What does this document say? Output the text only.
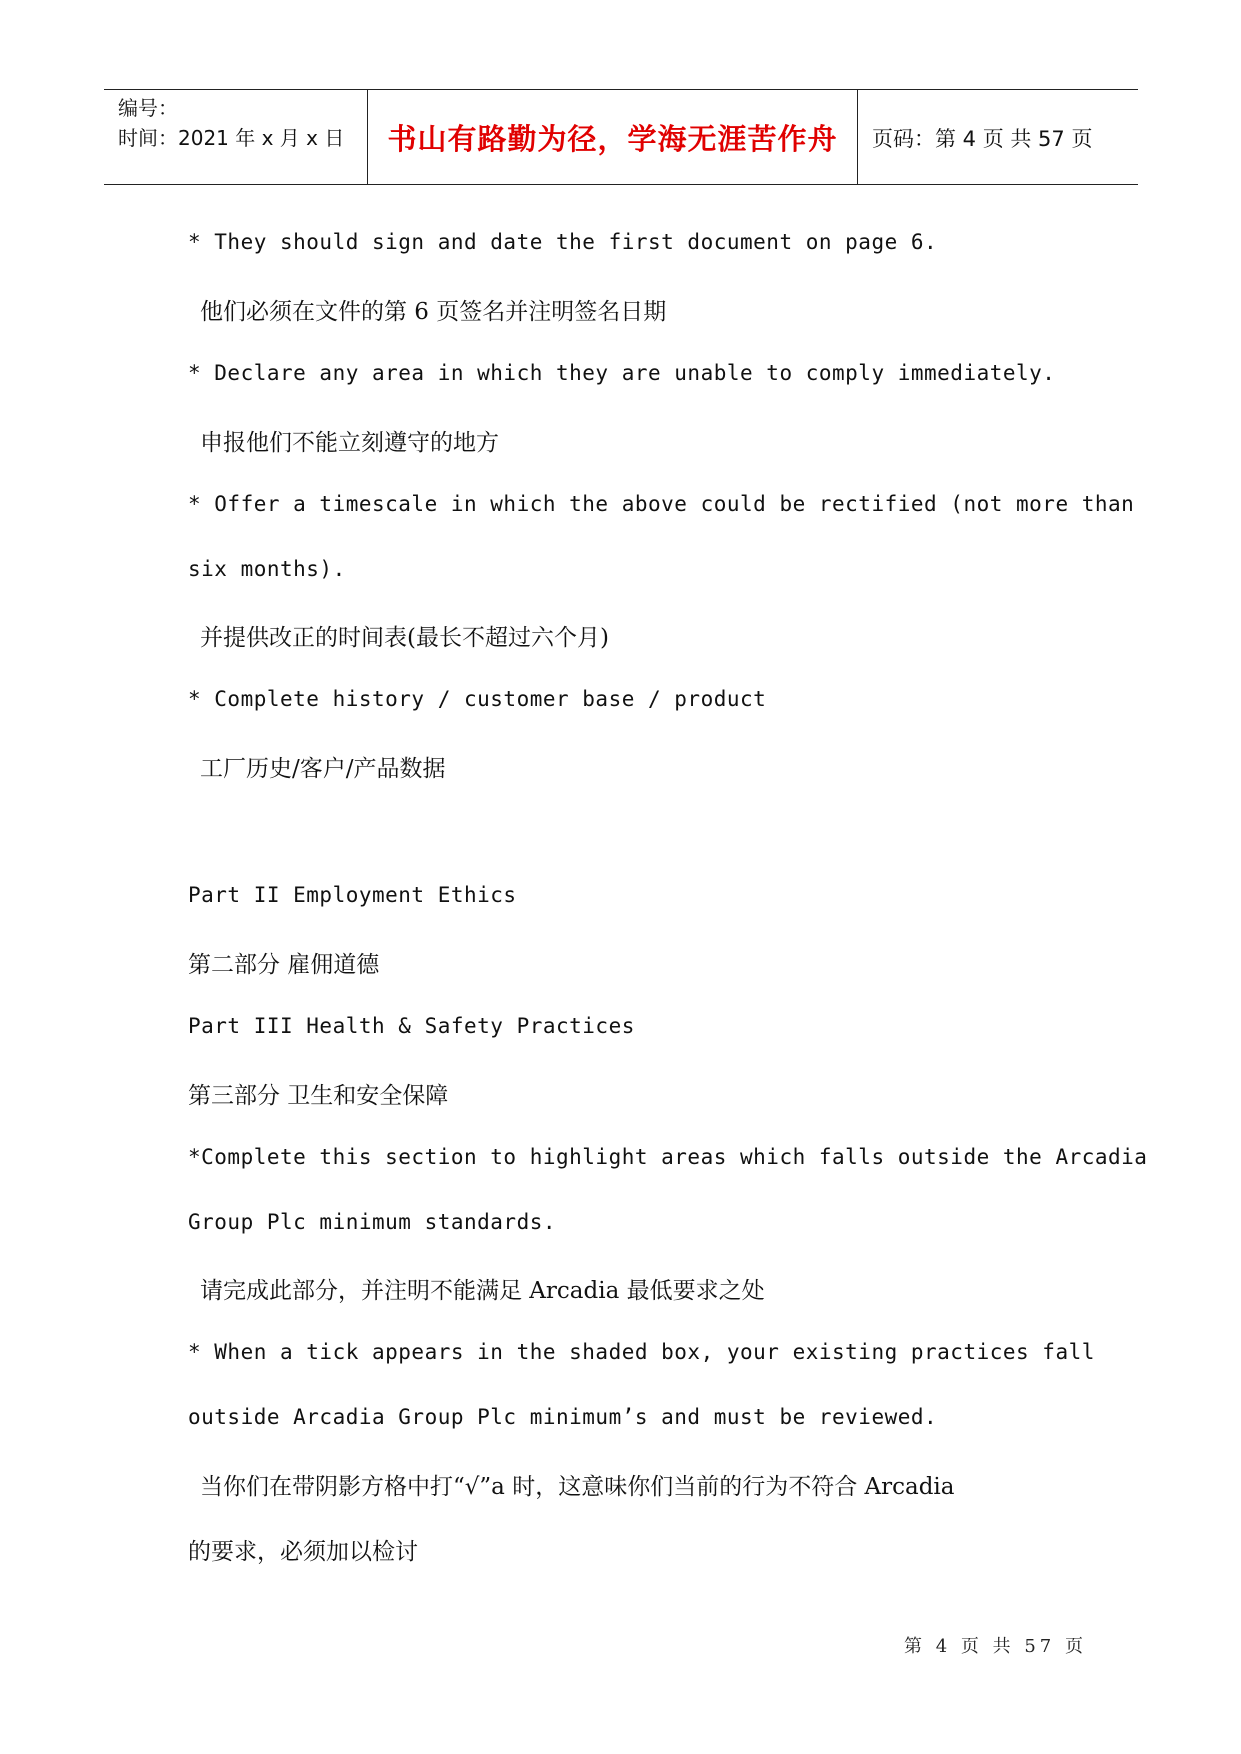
编号：
时间：2021 年 x 月 x 日	书山有路勤为径，学海无涯苦作舟	页码：第 4 页 共 57 页
* They should sign and date the first document on page 6.
他们必须在文件的第 6 页签名并注明签名日期
* Declare any area in which they are unable to comply immediately.
申报他们不能立刻遵守的地方
* Offer a timescale in which the above could be rectified (not more than
six months).
并提供改正的时间表(最长不超过六个月)
* Complete history / customer base / product
工厂历史/客户/产品数据
Part II Employment Ethics
第二部分 雇佣道德
Part III Health & Safety Practices
第三部分 卫生和安全保障
*Complete this section to highlight areas which falls outside the Arcadia
Group Plc minimum standards.
请完成此部分，并注明不能满足 Arcadia 最低要求之处
* When a tick appears in the shaded box, your existing practices fall
outside Arcadia Group Plc minimum’s and must be reviewed.
当你们在带阴影方格中打“√”a 时，这意味你们当前的行为不符合 Arcadia
的要求，必须加以检讨
第 4 页 共 57 页
